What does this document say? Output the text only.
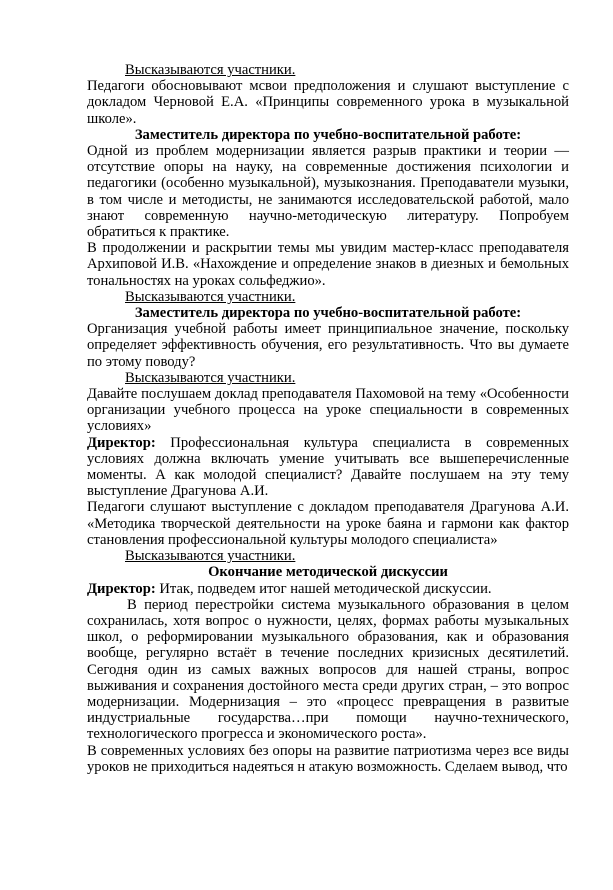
Высказываются участники.

Педагоги обосновывают мсвои предположения и слушают выступление с докладом Черновой Е.А. «Принципы современного урока в музыкальной школе».

Заместитель директора по учебно-воспитательной работе:

Одной из проблем модернизации является разрыв практики и теории — отсутствие опоры на науку, на современные достижения психологии и педагогики (особенно музыкальной), музыкознания. Преподаватели музыки, в том числе и методисты, не занимаются исследовательской работой, мало знают современную научно-методическую литературу. Попробуем обратиться к практике.

В продолжении и раскрытии темы мы увидим мастер-класс преподавателя Архиповой И.В. «Нахождение и определение знаков в диезных и бемольных тональностях на уроках сольфеджио».

Высказываются участники.

Заместитель директора по учебно-воспитательной работе:

Организация учебной работы имеет принципиальное значение, поскольку определяет эффективность обучения, его результативность. Что вы думаете по этому поводу?

Высказываются участники.

Давайте послушаем доклад преподавателя Пахомовой на тему «Особенности организации учебного процесса на уроке специальности в современных условиях»

Директор: Профессиональная культура специалиста в современных условиях должна включать умение учитывать все вышеперечисленные моменты. А как молодой специалист? Давайте послушаем на эту тему выступление Драгунова А.И.

Педагоги слушают выступление с докладом преподавателя Драгунова А.И. «Методика творческой деятельности на уроке баяна и гармони как фактор становления профессиональной культуры молодого специалиста»

Высказываются участники.

Окончание методической дискуссии

Директор: Итак, подведем итог нашей методической дискуссии.

В период перестройки система музыкального образования в целом сохранилась, хотя вопрос о нужности, целях, формах работы музыкальных школ, о реформировании музыкального образования, как и образования вообще, регулярно встаёт в течение последних кризисных десятилетий. Сегодня один из самых важных вопросов для нашей страны, вопрос выживания и сохранения достойного места среди других стран, – это вопрос модернизации. Модернизация – это «процесс превращения в развитые индустриальные государства…при помощи научно-технического, технологического прогресса и экономического роста».

В современных условиях без опоры на развитие патриотизма через все виды уроков не приходиться надеяться н атакую возможность. Сделаем вывод, что
